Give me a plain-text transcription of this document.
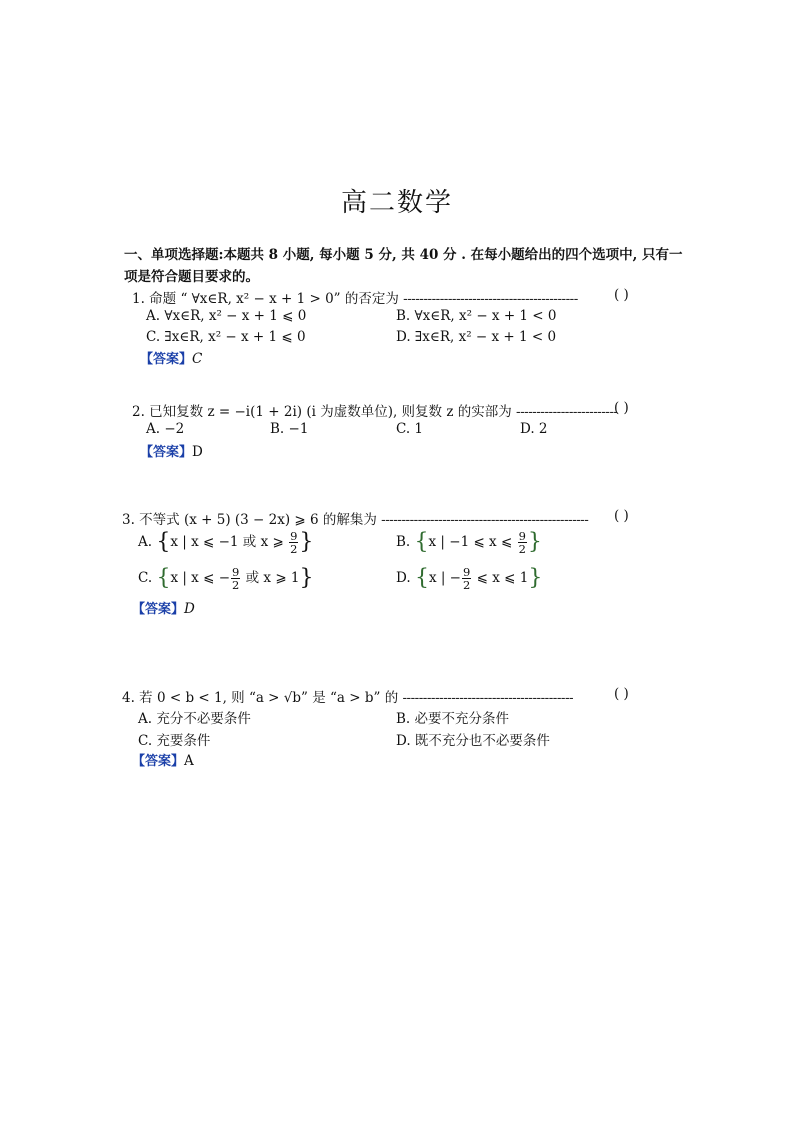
高二数学
一、单项选择题:本题共 8 小题, 每小题 5 分, 共 40 分 . 在每小题给出的四个选项中, 只有一
项是符合题目要求的。
1. 命题 “ ∀x∈R, x² − x + 1 > 0” 的否定为 -------------------------------------------	( )
A. ∀x∈R, x² − x + 1 ⩽ 0	B. ∀x∈R, x² − x + 1 < 0
C. ∃x∈R, x² − x + 1 ⩽ 0	D. ∃x∈R, x² − x + 1 < 0
【答案】C
2. 已知复数 z = −i(1 + 2i) (i 为虚数单位), 则复数 z 的实部为 -------------------------
( )
A. −2	B. −1	C. 1	D. 2
【答案】D
3. 不等式 (x + 5) (3 − 2x) ⩾ 6 的解集为 --------------------------------------------------- ( )
A. {x | x ⩽ −1 或 x ⩾ $\frac{9}{2}$ }	B. {x | −1 ⩽ x ⩽ $\frac{9}{2}$ }
C. {x | x ⩽ − $\frac{9}{2}$ 或 x ⩾ 1}	D. {x | − $\frac{9}{2}$ ⩽ x ⩽ 1}
【答案】D
4. 若 0 < b < 1, 则 “a > √b” 是 “a > b” 的 ------------------------------------------	( )
A. 充分不必要条件	B. 必要不充分条件
C. 充要条件	D. 既不充分也不必要条件
【答案】A
